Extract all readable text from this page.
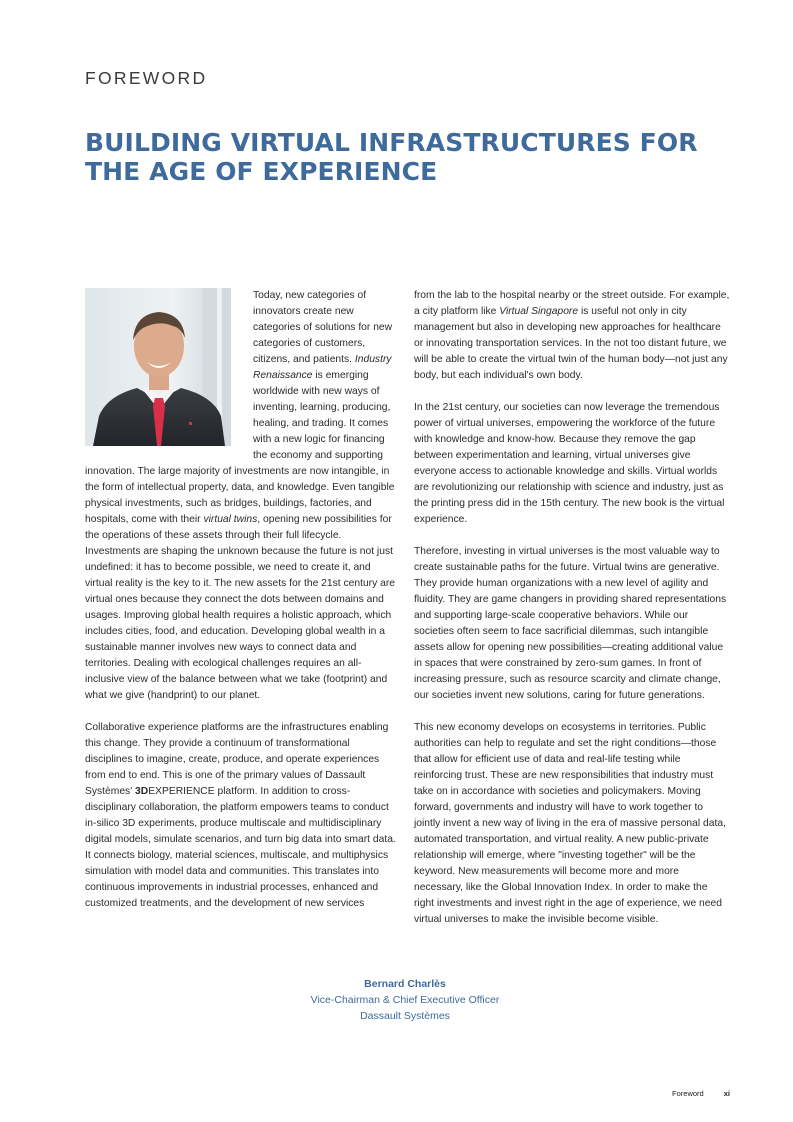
FOREWORD
BUILDING VIRTUAL INFRASTRUCTURES FOR THE AGE OF EXPERIENCE

Today, new categories of innovators create new categories of solutions for new categories of customers, citizens, and patients. Industry Renaissance is emerging worldwide with new ways of inventing, learning, producing, healing, and trading. It comes with a new logic for financing the economy and supporting innovation. The large majority of investments are now intangible, in the form of intellectual property, data, and knowledge. Even tangible physical investments, such as bridges, buildings, factories, and hospitals, come with their virtual twins, opening new possibilities for the operations of these assets through their full lifecycle. Investments are shaping the unknown because the future is not just undefined: it has to become possible, we need to create it, and virtual reality is the key to it. The new assets for the 21st century are virtual ones because they connect the dots between domains and usages. Improving global health requires a holistic approach, which includes cities, food, and education. Developing global wealth in a sustainable manner involves new ways to connect data and territories. Dealing with ecological challenges requires an all-inclusive view of the balance between what we take (footprint) and what we give (handprint) to our planet.

Collaborative experience platforms are the infrastructures enabling this change. They provide a continuum of transformational disciplines to imagine, create, produce, and operate experiences from end to end. This is one of the primary values of Dassault Systèmes' 3DEXPERIENCE platform. In addition to cross-disciplinary collaboration, the platform empowers teams to conduct in-silico 3D experiments, produce multiscale and multidisciplinary digital models, simulate scenarios, and turn big data into smart data. It connects biology, material sciences, multiscale, and multiphysics simulation with model data and communities. This translates into continuous improvements in industrial processes, enhanced and customized treatments, and the development of new services

from the lab to the hospital nearby or the street outside. For example, a city platform like Virtual Singapore is useful not only in city management but also in developing new approaches for healthcare or innovating transportation services. In the not too distant future, we will be able to create the virtual twin of the human body—not just any body, but each individual's own body.

In the 21st century, our societies can now leverage the tremendous power of virtual universes, empowering the workforce of the future with knowledge and know-how. Because they remove the gap between experimentation and learning, virtual universes give everyone access to actionable knowledge and skills. Virtual worlds are revolutionizing our relationship with science and industry, just as the printing press did in the 15th century. The new book is the virtual experience.

Therefore, investing in virtual universes is the most valuable way to create sustainable paths for the future. Virtual twins are generative. They provide human organizations with a new level of agility and fluidity. They are game changers in providing shared representations and supporting large-scale cooperative behaviors. While our societies often seem to face sacrificial dilemmas, such intangible assets allow for opening new possibilities—creating additional value in spaces that were constrained by zero-sum games. In front of increasing pressure, such as resource scarcity and climate change, our societies invent new solutions, caring for future generations.

This new economy develops on ecosystems in territories. Public authorities can help to regulate and set the right conditions—those that allow for efficient use of data and real-life testing while reinforcing trust. These are new responsibilities that industry must take on in accordance with societies and policymakers. Moving forward, governments and industry will have to work together to jointly invent a new way of living in the era of massive personal data, automated transportation, and virtual reality. A new public-private relationship will emerge, where "investing together" will be the keyword. New measurements will become more and more necessary, like the Global Innovation Index. In order to make the right investments and invest right in the age of experience, we need virtual universes to make the invisible become visible.

Bernard Charlès
Vice-Chairman & Chief Executive Officer
Dassault Systèmes
Foreword	xi
